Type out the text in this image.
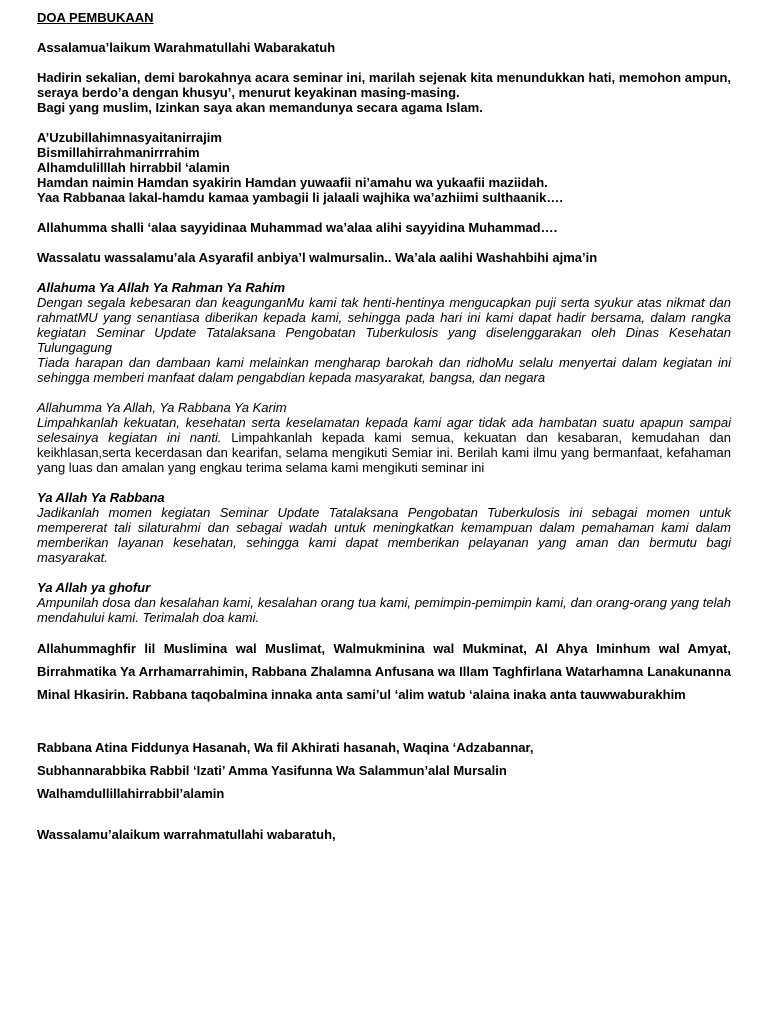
DOA PEMBUKAAN

Assalamua’laikum Warahmatullahi Wabarakatuh

Hadirin sekalian, demi barokahnya acara seminar ini, marilah sejenak kita menundukkan hati, memohon ampun, seraya berdo’a dengan khusyu’, menurut keyakinan masing-masing.

Bagi yang muslim, Izinkan saya akan memandunya secara agama Islam.

A’Uzubillahimnasyaitanirrajim

Bismillahirrahmanirrrahim

Alhamdulilllah hirrabbil ‘alamin

Hamdan naimin Hamdan syakirin Hamdan yuwaafii ni’amahu wa yukaafii maziidah.

Yaa Rabbanaa lakal-hamdu kamaa yambagii li jalaali wajhika wa’azhiimi sulthaanik….

Allahumma shalli ‘alaa sayyidinaa Muhammad wa’alaa alihi sayyidina Muhammad….

Wassalatu wassalamu’ala Asyarafil anbiya’l walmursalin.. Wa’ala aalihi Washahbihi ajma’in

Allahuma Ya Allah Ya Rahman Ya Rahim

Dengan segala kebesaran dan keagunganMu kami tak henti-hentinya mengucapkan puji serta syukur atas nikmat dan rahmatMU yang senantiasa diberikan kepada kami, sehingga pada hari ini kami dapat hadir bersama, dalam rangka kegiatan Seminar Update Tatalaksana Pengobatan Tuberkulosis yang diselenggarakan oleh Dinas Kesehatan Tulungagung

Tiada harapan dan dambaan kami melainkan mengharap barokah dan ridhoMu selalu menyertai dalam kegiatan ini sehingga memberi manfaat dalam pengabdian kepada masyarakat, bangsa, dan negara

Allahumma Ya Allah, Ya Rabbana Ya Karim

Limpahkanlah kekuatan, kesehatan serta keselamatan kepada kami agar tidak ada hambatan suatu apapun sampai selesainya kegiatan ini nanti. Limpahkanlah kepada kami semua, kekuatan dan kesabaran, kemudahan dan keikhlasan,serta kecerdasan dan kearifan, selama mengikuti Semiar ini. Berilah kami ilmu yang bermanfaat, kefahaman yang luas dan amalan yang engkau terima selama kami mengikuti seminar ini

Ya Allah Ya Rabbana

Jadikanlah momen kegiatan Seminar Update Tatalaksana Pengobatan Tuberkulosis ini sebagai momen untuk mempererat tali silaturahmi dan sebagai wadah untuk meningkatkan kemampuan dalam pemahaman kami dalam memberikan layanan kesehatan, sehingga kami dapat memberikan pelayanan yang aman dan bermutu bagi masyarakat.

Ya Allah ya ghofur

Ampunilah dosa dan kesalahan kami, kesalahan orang tua kami, pemimpin-pemimpin kami, dan orang-orang yang telah mendahului kami. Terimalah doa kami.

Allahummaghfir lil Muslimina wal Muslimat, Walmukminina wal Mukminat, Al Ahya Iminhum wal Amyat, Birrahmatika Ya Arrhamarrahimin, Rabbana Zhalamna Anfusana wa Illam Taghfirlana Watarhamna Lanakunanna Minal Hkasirin. Rabbana taqobalmina innaka anta sami’ul ‘alim watub ‘alaina inaka anta tauwwaburakhim

Rabbana Atina Fiddunya Hasanah, Wa fil Akhirati hasanah, Waqina ‘Adzabannar,

Subhannarabbika Rabbil ‘Izati’ Amma Yasifunna Wa Salammun’alal Mursalin

Walhamdullillahirrabbil’alamin

Wassalamu’alaikum warrahmatullahi wabaratuh,
